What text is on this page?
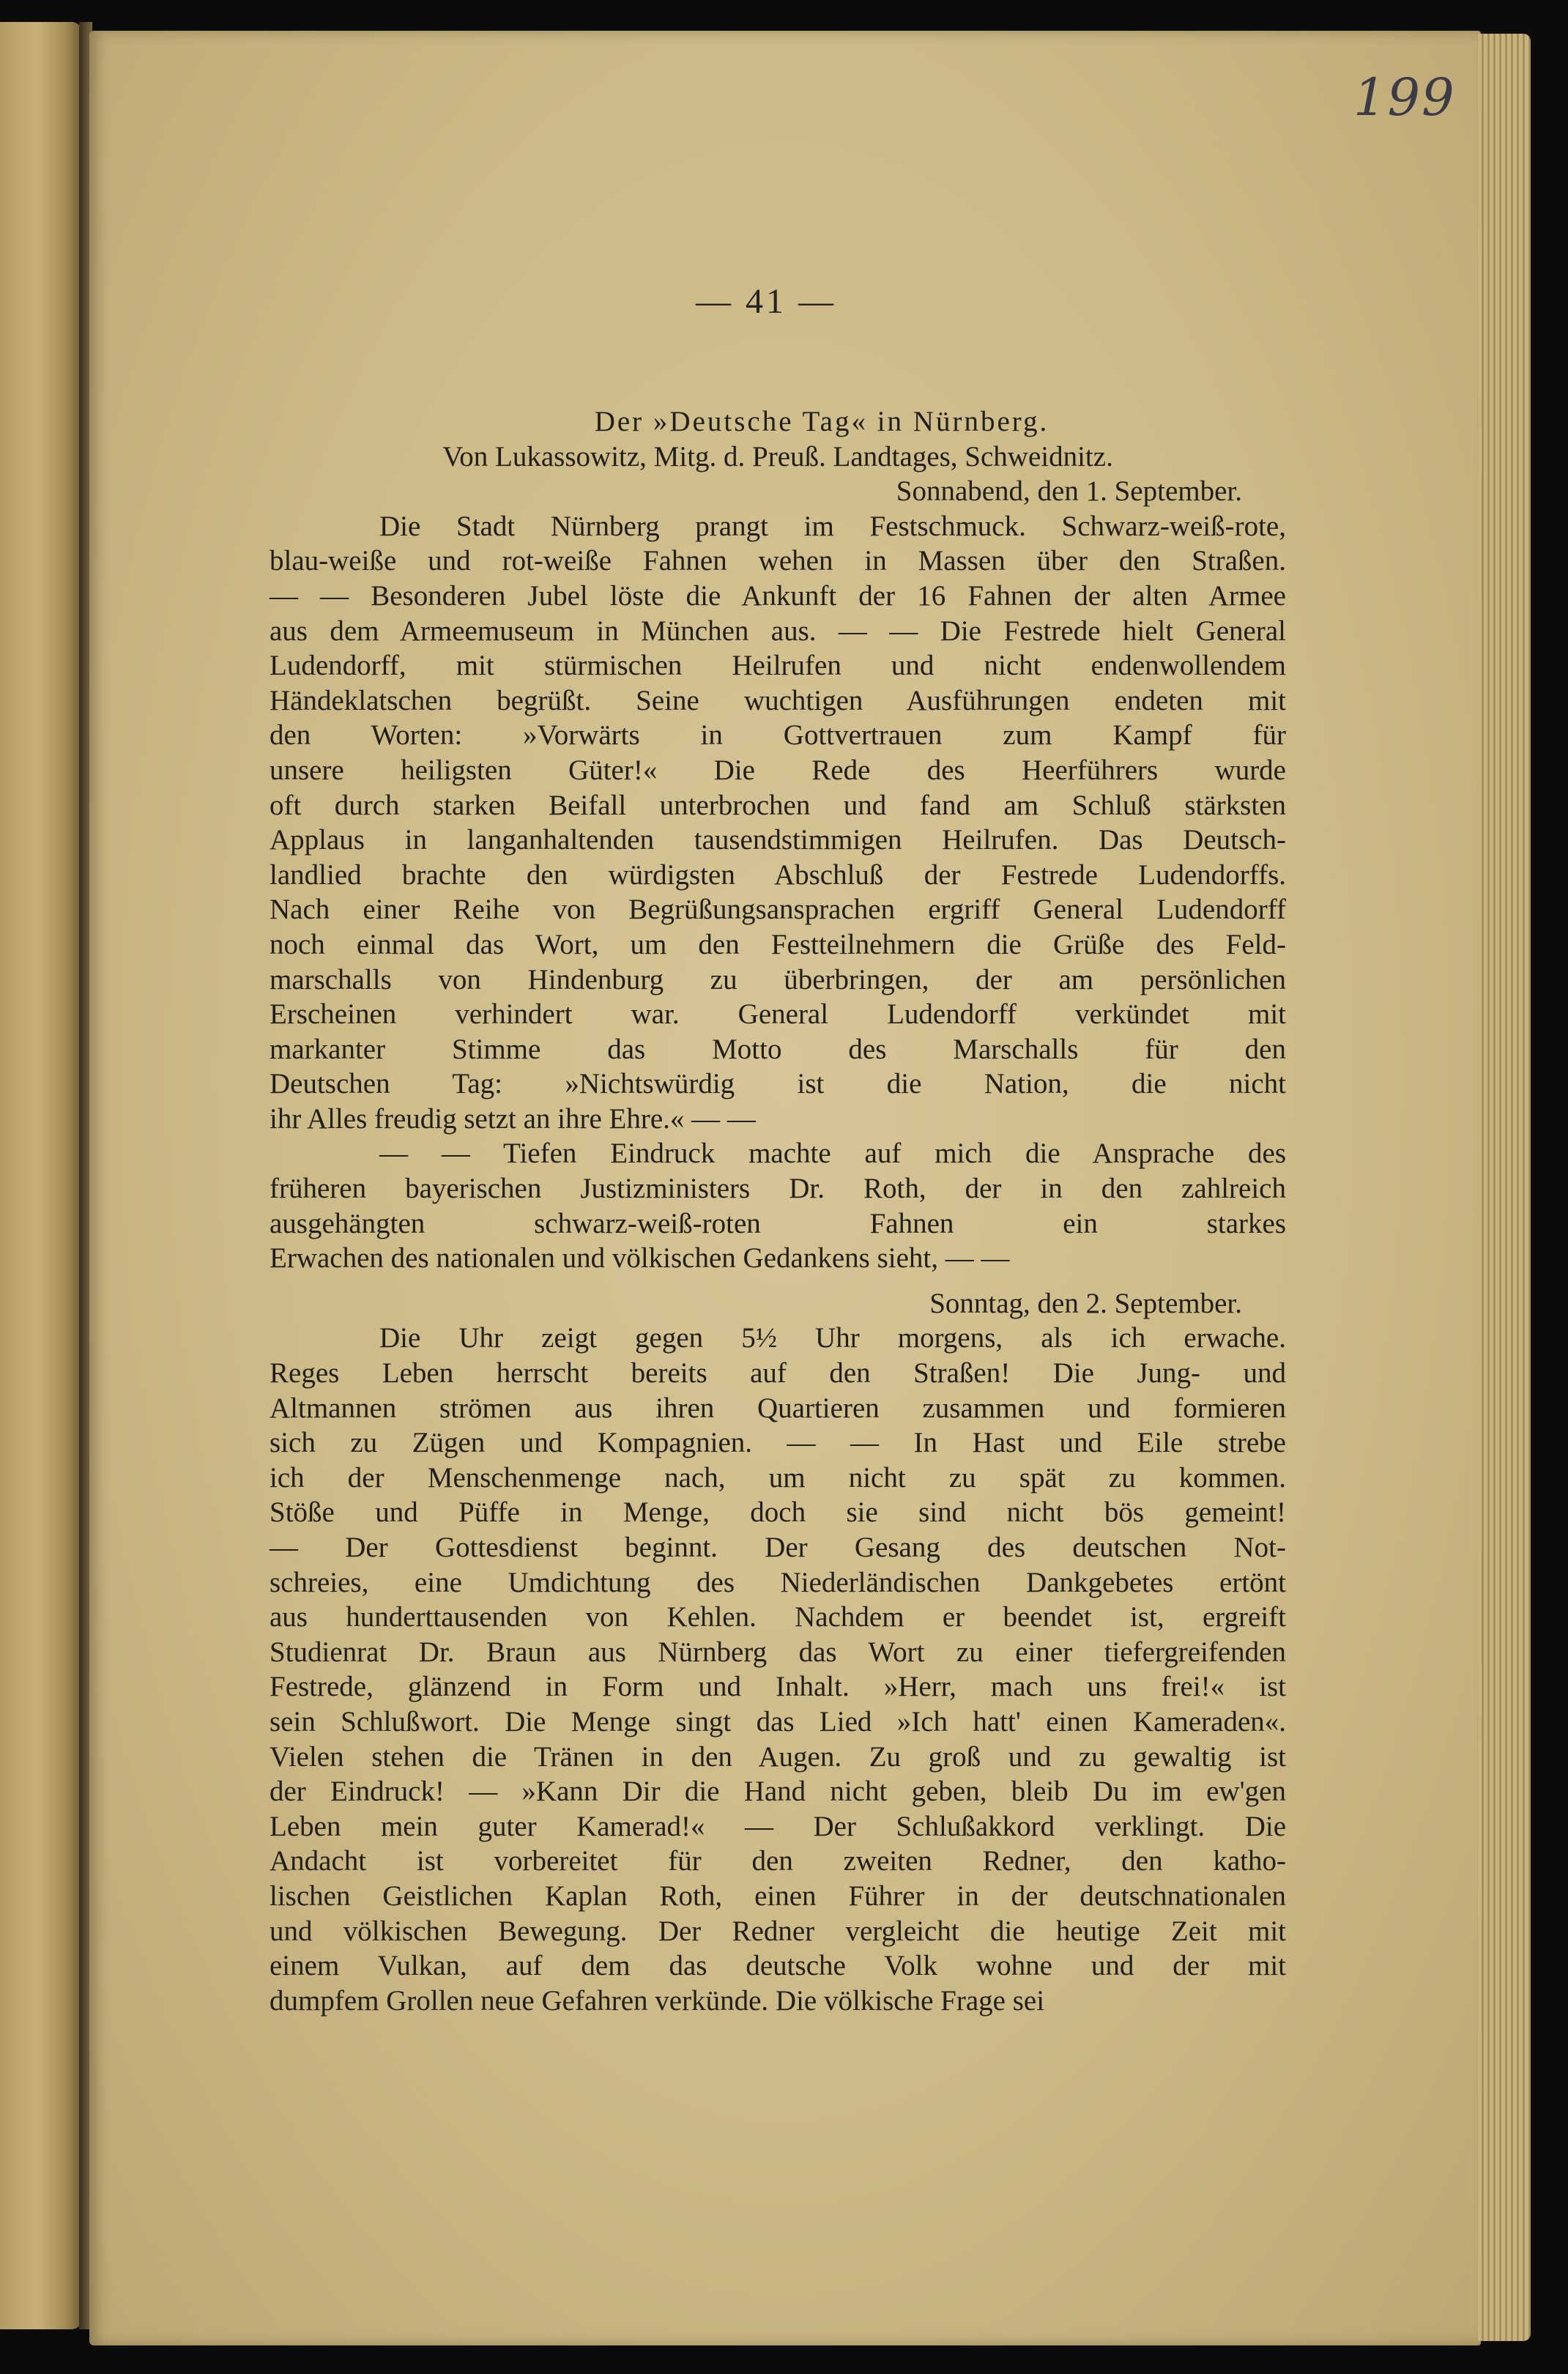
199
— 41 —

Der »Deutsche Tag« in Nürnberg.

Von Lukassowitz, Mitg. d. Preuß. Landtages, Schweidnitz.

Sonnabend, den 1. September.

Die Stadt Nürnberg prangt im Festschmuck. Schwarz-weiß-rote,

blau-weiße und rot-weiße Fahnen wehen in Massen über den Straßen.

— — Besonderen Jubel löste die Ankunft der 16 Fahnen der alten Armee

aus dem Armeemuseum in München aus. — — Die Festrede hielt General

Ludendorff, mit stürmischen Heilrufen und nicht endenwollendem

Händeklatschen begrüßt. Seine wuchtigen Ausführungen endeten mit

den Worten: »Vorwärts in Gottvertrauen zum Kampf für

unsere heiligsten Güter!« Die Rede des Heerführers wurde

oft durch starken Beifall unterbrochen und fand am Schluß stärksten

Applaus in langanhaltenden tausendstimmigen Heilrufen. Das Deutsch-

landlied brachte den würdigsten Abschluß der Festrede Ludendorffs.

Nach einer Reihe von Begrüßungsansprachen ergriff General Ludendorff

noch einmal das Wort, um den Festteilnehmern die Grüße des Feld-

marschalls von Hindenburg zu überbringen, der am persönlichen

Erscheinen verhindert war. General Ludendorff verkündet mit

markanter Stimme das Motto des Marschalls für den

Deutschen Tag: »Nichtswürdig ist die Nation, die nicht

ihr Alles freudig setzt an ihre Ehre.« — —

— — Tiefen Eindruck machte auf mich die Ansprache des

früheren bayerischen Justizministers Dr. Roth, der in den zahlreich

ausgehängten schwarz-weiß-roten Fahnen ein starkes

Erwachen des nationalen und völkischen Gedankens sieht, — —

Sonntag, den 2. September.

Die Uhr zeigt gegen 5½ Uhr morgens, als ich erwache.

Reges Leben herrscht bereits auf den Straßen! Die Jung- und

Altmannen strömen aus ihren Quartieren zusammen und formieren

sich zu Zügen und Kompagnien. — — In Hast und Eile strebe

ich der Menschenmenge nach, um nicht zu spät zu kommen.

Stöße und Püffe in Menge, doch sie sind nicht bös gemeint!

— Der Gottesdienst beginnt. Der Gesang des deutschen Not-

schreies, eine Umdichtung des Niederländischen Dankgebetes ertönt

aus hunderttausenden von Kehlen. Nachdem er beendet ist, ergreift

Studienrat Dr. Braun aus Nürnberg das Wort zu einer tiefergreifenden

Festrede, glänzend in Form und Inhalt. »Herr, mach uns frei!« ist

sein Schlußwort. Die Menge singt das Lied »Ich hatt' einen Kameraden«.

Vielen stehen die Tränen in den Augen. Zu groß und zu gewaltig ist

der Eindruck! — »Kann Dir die Hand nicht geben, bleib Du im ew'gen

Leben mein guter Kamerad!« — Der Schlußakkord verklingt. Die

Andacht ist vorbereitet für den zweiten Redner, den katho-

lischen Geistlichen Kaplan Roth, einen Führer in der deutschnationalen

und völkischen Bewegung. Der Redner vergleicht die heutige Zeit mit

einem Vulkan, auf dem das deutsche Volk wohne und der mit

dumpfem Grollen neue Gefahren verkünde. Die völkische Frage sei
